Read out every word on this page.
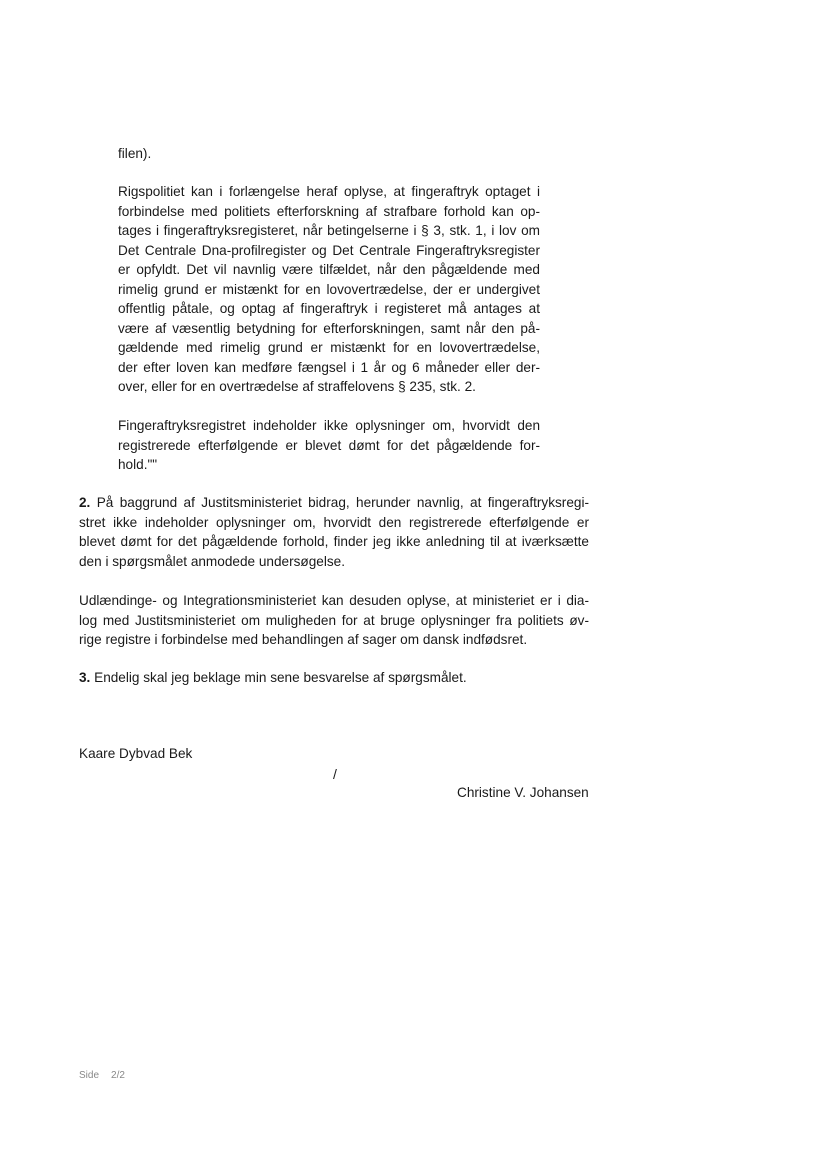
filen).
Rigspolitiet kan i forlængelse heraf oplyse, at fingeraftryk optaget i
forbindelse med politiets efterforskning af strafbare forhold kan op-
tages i fingeraftryksregisteret, når betingelserne i § 3, stk. 1, i lov om
Det Centrale Dna-profilregister og Det Centrale Fingeraftryksregister
er opfyldt. Det vil navnlig være tilfældet, når den pågældende med
rimelig grund er mistænkt for en lovovertrædelse, der er undergivet
offentlig påtale, og optag af fingeraftryk i registeret må antages at
være af væsentlig betydning for efterforskningen, samt når den på-
gældende med rimelig grund er mistænkt for en lovovertrædelse,
der efter loven kan medføre fængsel i 1 år og 6 måneder eller der-
over, eller for en overtrædelse af straffelovens § 235, stk. 2.
Fingeraftryksregistret indeholder ikke oplysninger om, hvorvidt den
registrerede efterfølgende er blevet dømt for det pågældende for-
hold.""
2. På baggrund af Justitsministeriet bidrag, herunder navnlig, at fingeraftryksregi-
stret ikke indeholder oplysninger om, hvorvidt den registrerede efterfølgende er
blevet dømt for det pågældende forhold, finder jeg ikke anledning til at iværksætte
den i spørgsmålet anmodede undersøgelse.
Udlændinge- og Integrationsministeriet kan desuden oplyse, at ministeriet er i dia-
log med Justitsministeriet om muligheden for at bruge oplysninger fra politiets øv-
rige registre i forbindelse med behandlingen af sager om dansk indfødsret.
3. Endelig skal jeg beklage min sene besvarelse af spørgsmålet.
Kaare Dybvad Bek
/
Christine V. Johansen
Side 2/2
